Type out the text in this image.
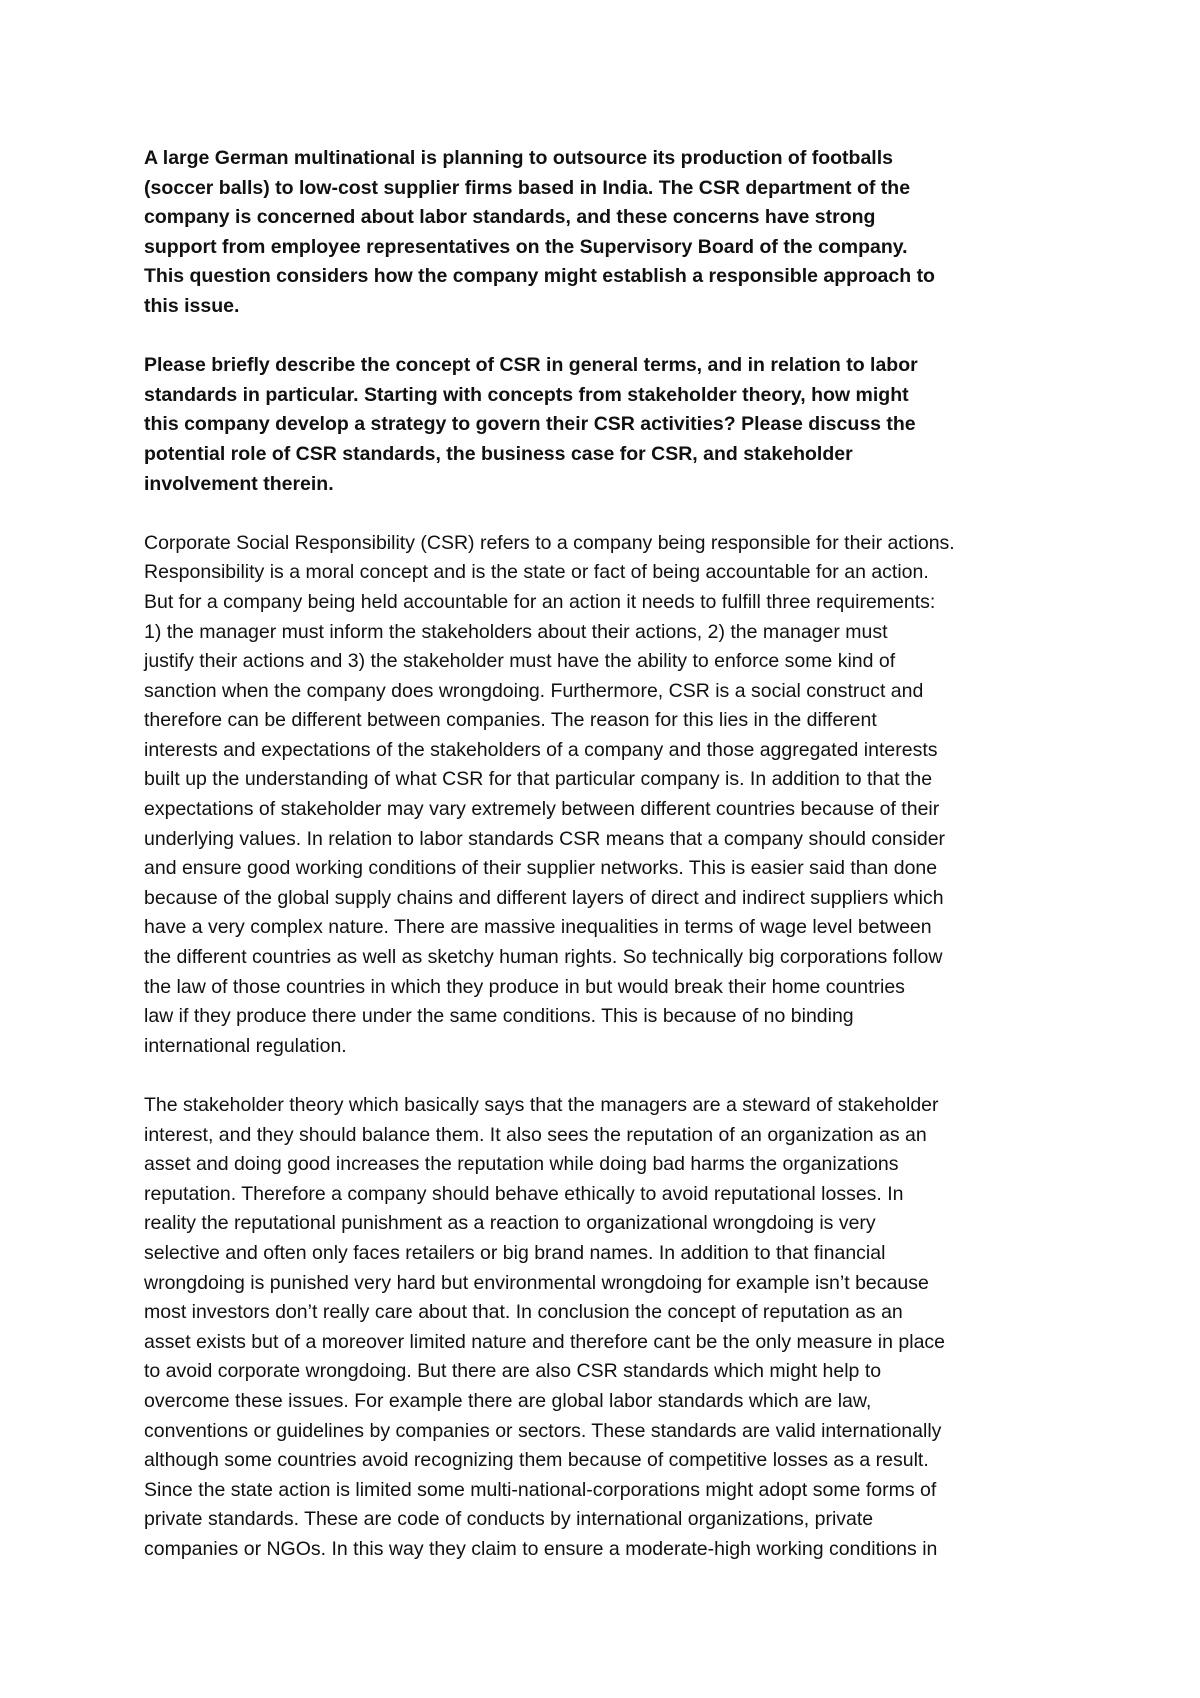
A large German multinational is planning to outsource its production of footballs
(soccer balls) to low-cost supplier firms based in India. The CSR department of the
company is concerned about labor standards, and these concerns have strong
support from employee representatives on the Supervisory Board of the company.
This question considers how the company might establish a responsible approach to
this issue.
Please briefly describe the concept of CSR in general terms, and in relation to labor
standards in particular. Starting with concepts from stakeholder theory, how might
this company develop a strategy to govern their CSR activities? Please discuss the
potential role of CSR standards, the business case for CSR, and stakeholder
involvement therein.
Corporate Social Responsibility (CSR) refers to a company being responsible for their actions.
Responsibility is a moral concept and is the state or fact of being accountable for an action.
But for a company being held accountable for an action it needs to fulfill three requirements:
1) the manager must inform the stakeholders about their actions, 2) the manager must
justify their actions and 3) the stakeholder must have the ability to enforce some kind of
sanction when the company does wrongdoing. Furthermore, CSR is a social construct and
therefore can be different between companies. The reason for this lies in the different
interests and expectations of the stakeholders of a company and those aggregated interests
built up the understanding of what CSR for that particular company is. In addition to that the
expectations of stakeholder may vary extremely between different countries because of their
underlying values. In relation to labor standards CSR means that a company should consider
and ensure good working conditions of their supplier networks. This is easier said than done
because of the global supply chains and different layers of direct and indirect suppliers which
have a very complex nature. There are massive inequalities in terms of wage level between
the different countries as well as sketchy human rights. So technically big corporations follow
the law of those countries in which they produce in but would break their home countries
law if they produce there under the same conditions. This is because of no binding
international regulation.
The stakeholder theory which basically says that the managers are a steward of stakeholder
interest, and they should balance them. It also sees the reputation of an organization as an
asset and doing good increases the reputation while doing bad harms the organizations
reputation. Therefore a company should behave ethically to avoid reputational losses. In
reality the reputational punishment as a reaction to organizational wrongdoing is very
selective and often only faces retailers or big brand names. In addition to that financial
wrongdoing is punished very hard but environmental wrongdoing for example isn’t because
most investors don’t really care about that. In conclusion the concept of reputation as an
asset exists but of a moreover limited nature and therefore cant be the only measure in place
to avoid corporate wrongdoing. But there are also CSR standards which might help to
overcome these issues. For example there are global labor standards which are law,
conventions or guidelines by companies or sectors. These standards are valid internationally
although some countries avoid recognizing them because of competitive losses as a result.
Since the state action is limited some multi-national-corporations might adopt some forms of
private standards. These are code of conducts by international organizations, private
companies or NGOs. In this way they claim to ensure a moderate-high working conditions in
